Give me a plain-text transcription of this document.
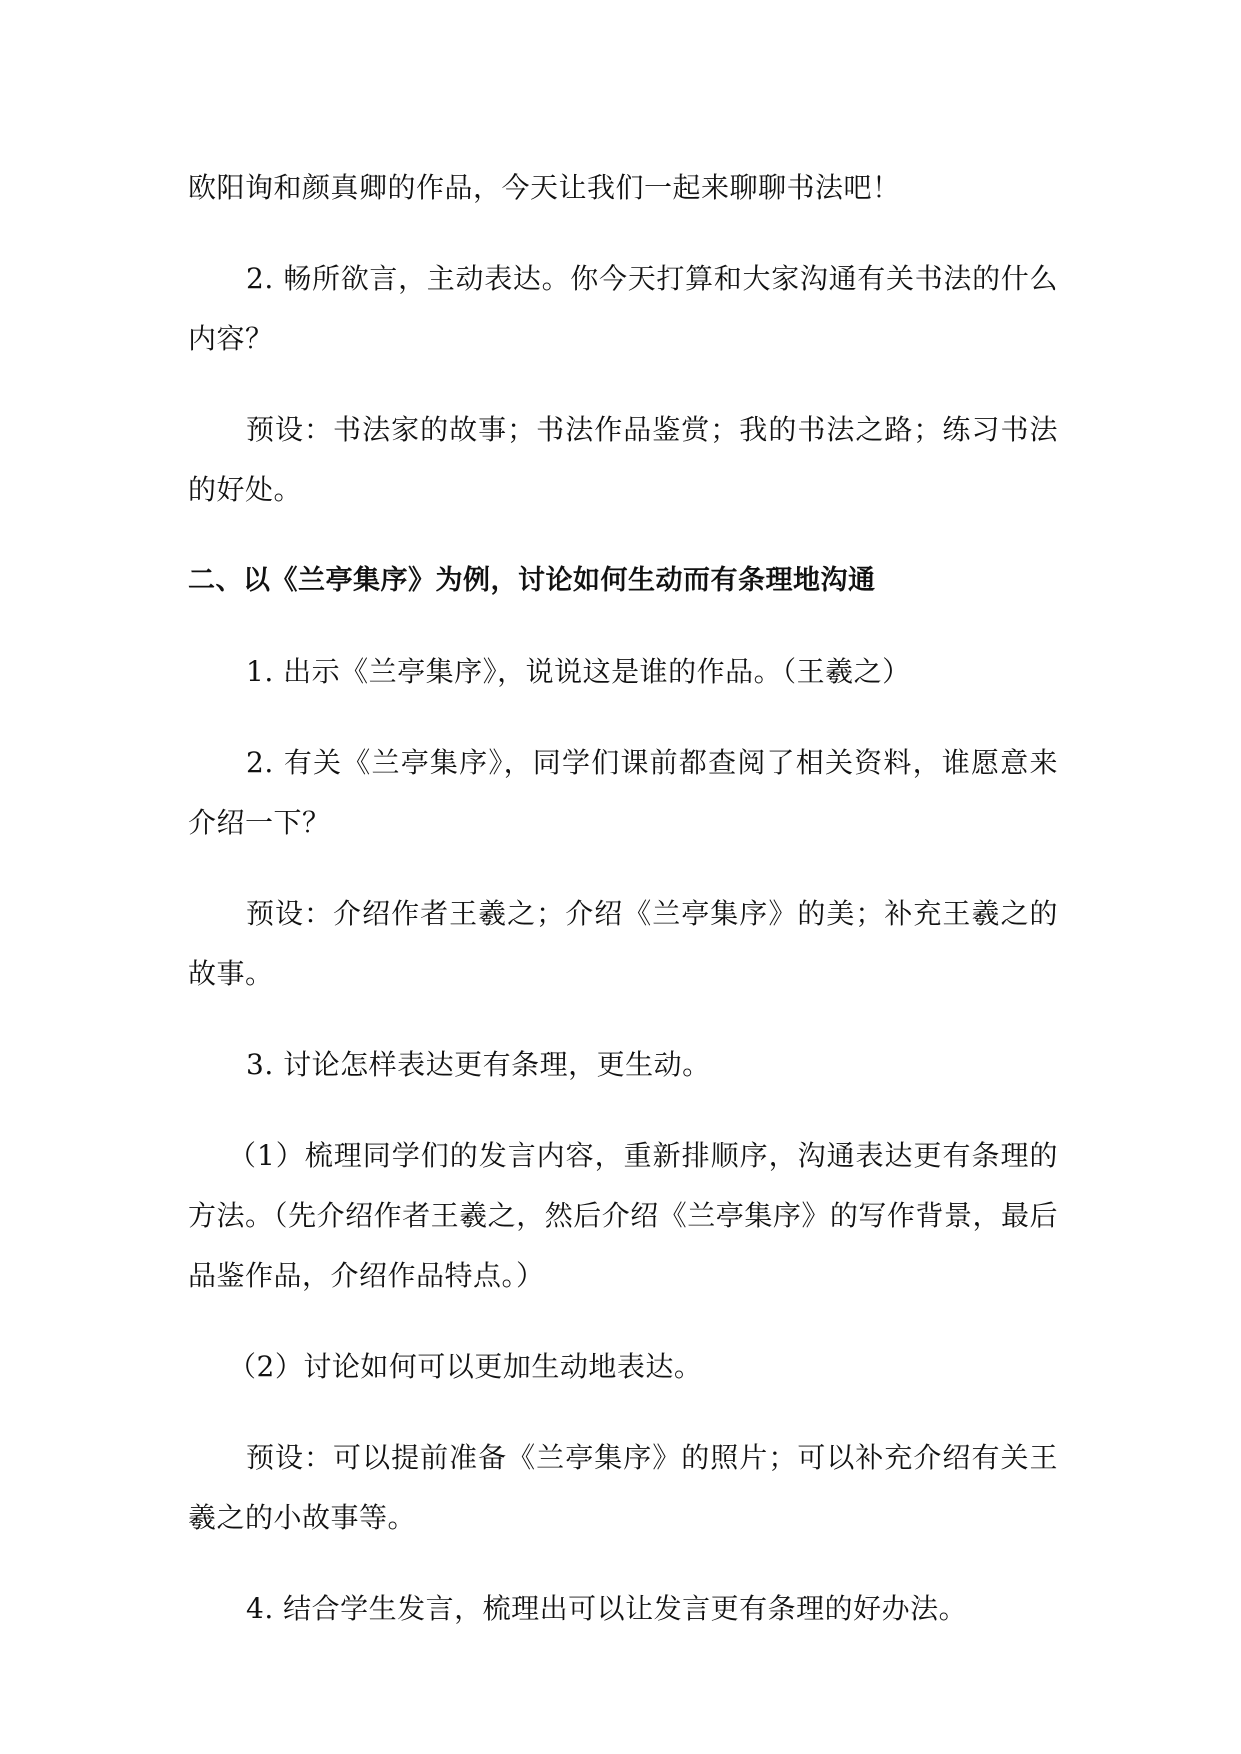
欧阳询和颜真卿的作品，今天让我们一起来聊聊书法吧！

2. 畅所欲言，主动表达。你今天打算和大家沟通有关书法的什么内容？

预设：书法家的故事；书法作品鉴赏；我的书法之路；练习书法的好处。

二、以《兰亭集序》为例，讨论如何生动而有条理地沟通

1. 出示《兰亭集序》，说说这是谁的作品。（王羲之）

2. 有关《兰亭集序》，同学们课前都查阅了相关资料，谁愿意来介绍一下？

预设：介绍作者王羲之；介绍《兰亭集序》的美；补充王羲之的故事。

3. 讨论怎样表达更有条理，更生动。

（1）梳理同学们的发言内容，重新排顺序，沟通表达更有条理的方法。（先介绍作者王羲之，然后介绍《兰亭集序》的写作背景，最后品鉴作品，介绍作品特点。）

（2）讨论如何可以更加生动地表达。

预设：可以提前准备《兰亭集序》的照片；可以补充介绍有关王羲之的小故事等。

4. 结合学生发言，梳理出可以让发言更有条理的好办法。
